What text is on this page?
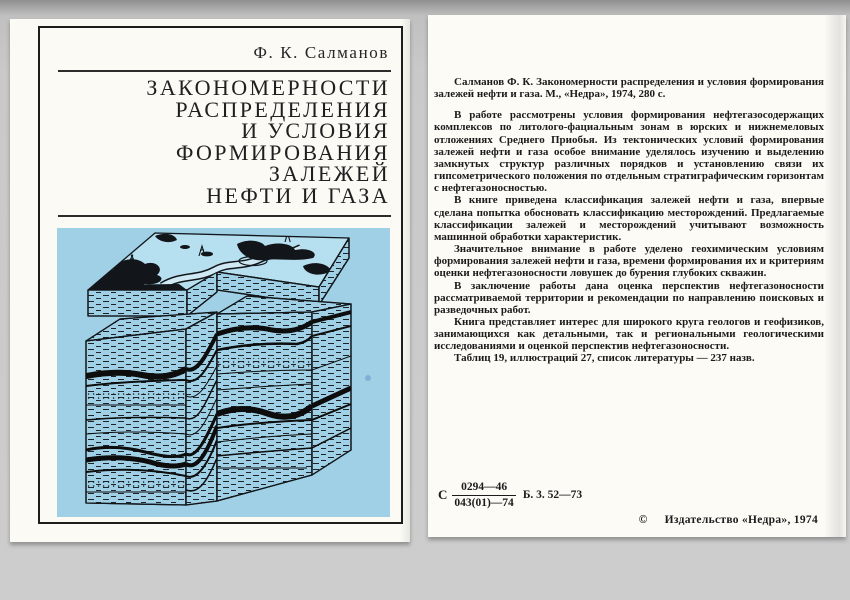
Ф. К. Салманов
ЗАКОНОМЕРНОСТИ
РАСПРЕДЕЛЕНИЯ
И УСЛОВИЯ
ФОРМИРОВАНИЯ
ЗАЛЕЖЕЙ
НЕФТИ И ГАЗА

Салманов Ф. К. Закономерности распределения и условия формирования залежей нефти и газа. М., «Недра», 1974, 280 с.

В работе рассмотрены условия формирования нефтегазосодержащих комплексов по литолого-фациальным зонам в юрских и нижнемеловых отложениях Среднего Приобья. Из тектонических условий формирования залежей нефти и газа особое внимание уделялось изучению и выделению замкнутых структур различных порядков и установлению связи их гипсометрического положения по отдельным стратиграфическим горизонтам с нефтегазоносностью.

В книге приведена классификация залежей нефти и газа, впервые сделана попытка обосновать классификацию месторождений. Предлагаемые классификации залежей и месторождений учитывают возможность машинной обработки характеристик.

Значительное внимание в работе уделено геохимическим условиям формирования залежей нефти и газа, времени формирования их и критериям оценки нефтегазоносности ловушек до бурения глубоких скважин.

В заключение работы дана оценка перспектив нефтегазоносности рассматриваемой территории и рекомендации по направлению поисковых и разведочных работ.

Книга представляет интерес для широкого круга геологов и геофизиков, занимающихся как детальными, так и региональными геологическими исследованиями и оценкой перспектив нефтегазоносности.

Таблиц 19, иллюстраций 27, список литературы — 237 назв.

С $\frac{0294—46}{043(01)—74} Б$. 3. 52—73
© Издательство «Недра», 1974
